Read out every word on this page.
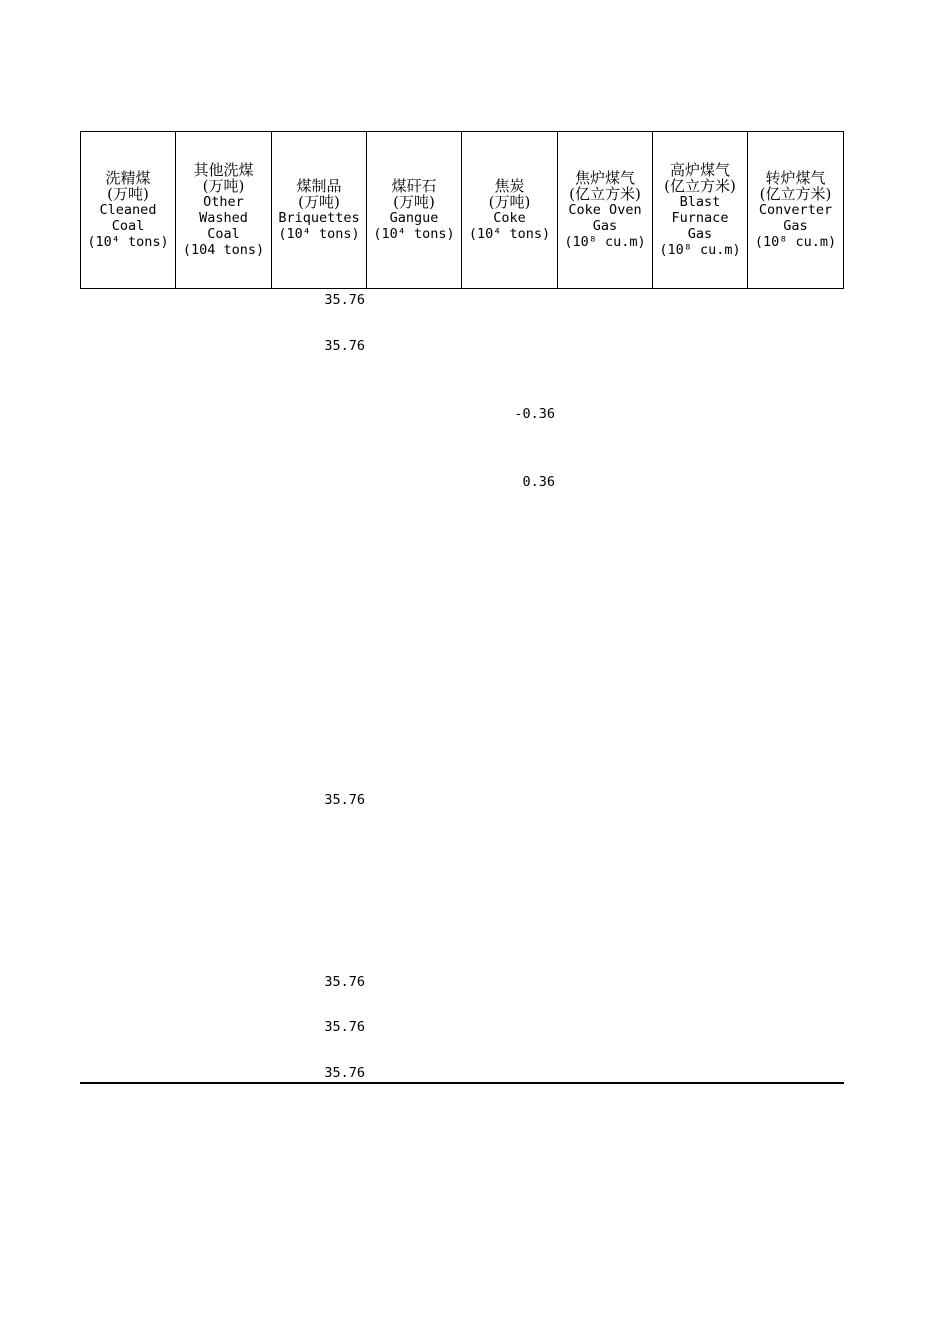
洗精煤
(万吨)
Cleaned
Coal
(10⁴ tons)
其他洗煤
(万吨)
Other
Washed
Coal
(104 tons)
煤制品
(万吨)
Briquettes
(10⁴ tons)
煤矸石
(万吨)
Gangue
(10⁴ tons)
焦炭
(万吨)
Coke
(10⁴ tons)
焦炉煤气
(亿立方米)
Coke Oven
Gas
(10⁸ cu.m)
高炉煤气
(亿立方米)
Blast
Furnace
Gas
(10⁸ cu.m)
转炉煤气
(亿立方米)
Converter
Gas
(10⁸ cu.m)
35.76
35.76
-0.36
0.36
35.76
35.76
35.76
35.76
